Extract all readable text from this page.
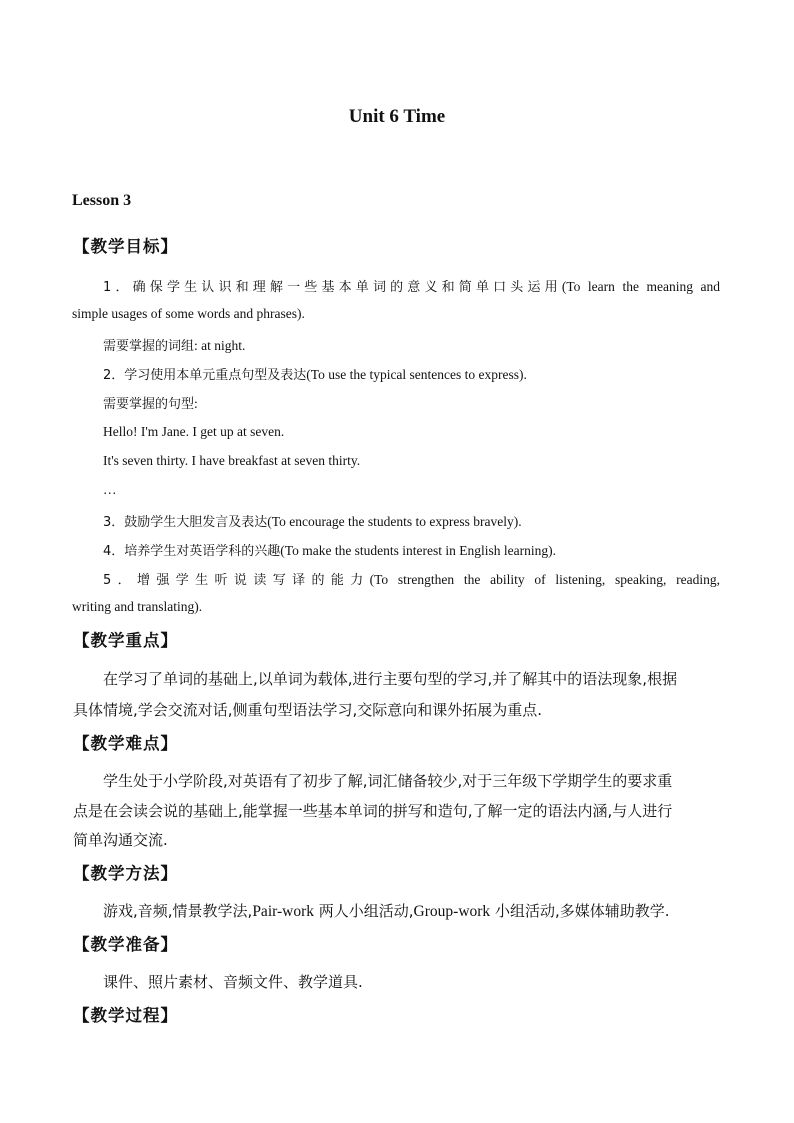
Unit 6 Time
Lesson 3
【教学目标】
1．确保学生认识和理解一些基本单词的意义和简单口头运用(To learn the meaning and
simple usages of some words and phrases).
需要掌握的词组: at night.
2．学习使用本单元重点句型及表达(To use the typical sentences to express).
需要掌握的句型:
Hello! I'm Jane. I get up at seven.
It's seven thirty. I have breakfast at seven thirty.
…
3．鼓励学生大胆发言及表达(To encourage the students to express bravely).
4．培养学生对英语学科的兴趣(To make the students interest in English learning).
5．增强学生听说读写译的能力(To strengthen the ability of listening, speaking, reading,
writing and translating).
【教学重点】
在学习了单词的基础上,以单词为载体,进行主要句型的学习,并了解其中的语法现象,根据
具体情境,学会交流对话,侧重句型语法学习,交际意向和课外拓展为重点.
【教学难点】
学生处于小学阶段,对英语有了初步了解,词汇储备较少,对于三年级下学期学生的要求重
点是在会读会说的基础上,能掌握一些基本单词的拼写和造句,了解一定的语法内涵,与人进行
简单沟通交流.
【教学方法】
游戏,音频,情景教学法,Pair-work 两人小组活动,Group-work 小组活动,多媒体辅助教学.
【教学准备】
课件、照片素材、音频文件、教学道具.
【教学过程】
